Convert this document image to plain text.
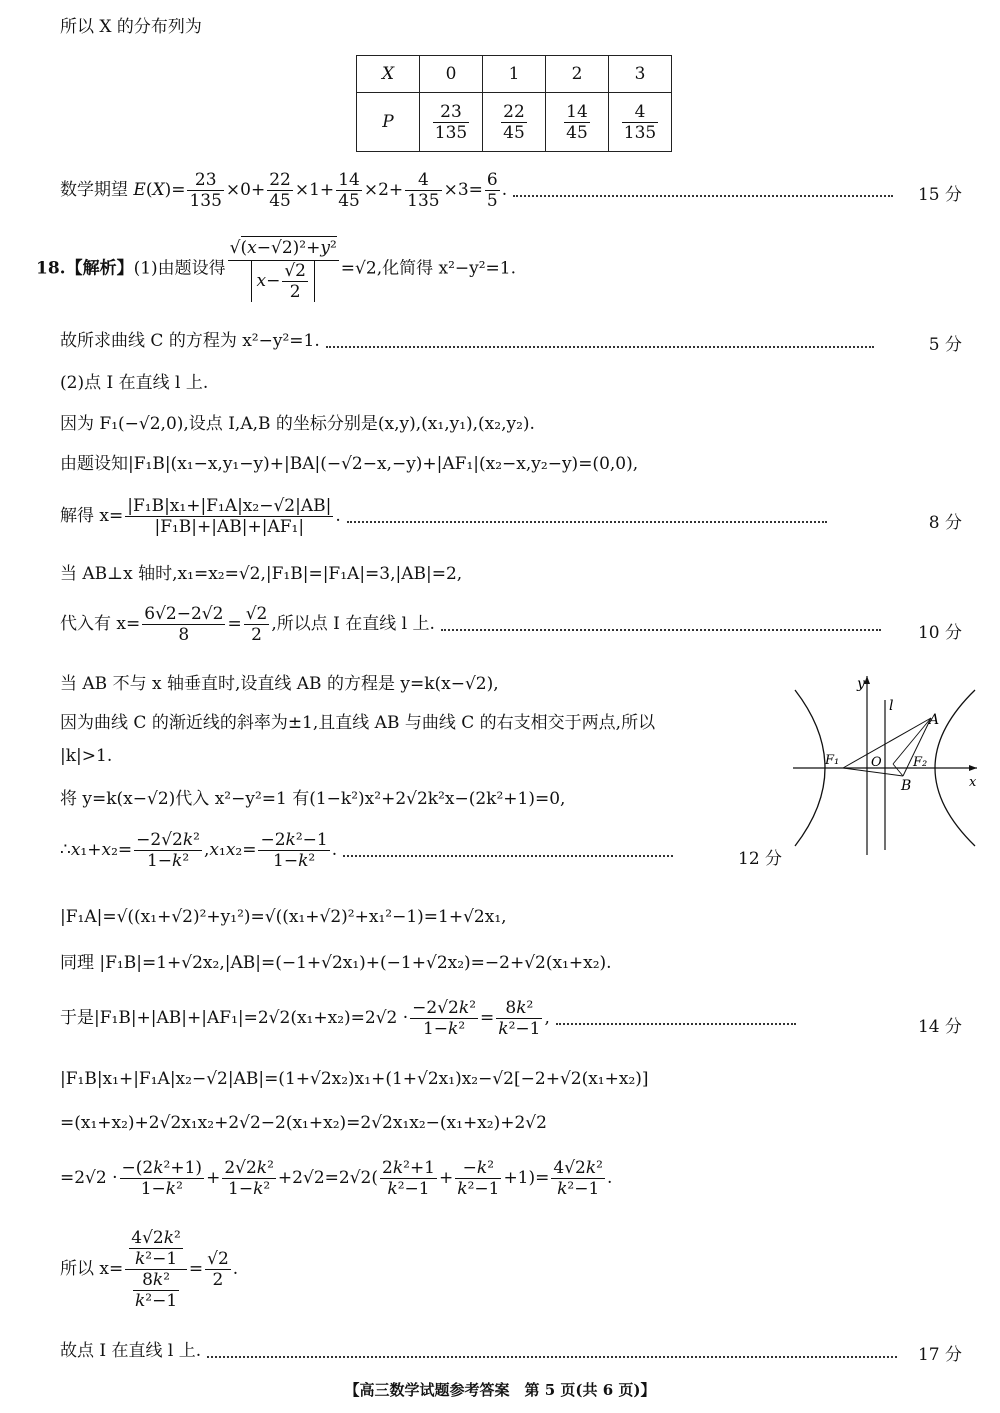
所以 X 的分布列为
X	0	1	2	3
P	$\frac{23}{135}$	$\frac{22}{45}$	$\frac{14}{45}$	$\frac{4}{135}$
数学期望 $E(X)= \frac{23}{135} \times 0+ \frac{22}{45} \times 1+ \frac{14}{45} \times 2+ \frac{4}{135} \times 3= \frac{6}{5}$ .	15 分
18.【解析】(1)由题设得 $\frac{\text{√(x−√2)²+y²}}{x- \frac{√2}{2}} =√2$,化简得 x²−y²=1.
故所求曲线 C 的方程为 x²−y²=1.	5 分
(2)点 I 在直线 l 上.
因为 F₁(−√2,0),设点 I,A,B 的坐标分别是(x,y),(x₁,y₁),(x₂,y₂).
由题设知|F₁B|(x₁−x,y₁−y)+|BA|(−√2−x,−y)+|AF₁|(x₂−x,y₂−y)=(0,0),
解得 $x= \frac{\text{|F₁B|x₁+|F₁A|x₂−√2|AB|}}{\text{|F₁B|+|AB|+|AF₁|}}$ .	8 分
当 AB⊥x 轴时,x₁=x₂=√2,|F₁B|=|F₁A|=3,|AB|=2,
代入有 $x= \frac{6√2-2√2}{8} = \frac{√2}{2}$ ,所以点 I 在直线 l 上.	10 分
当 AB 不与 x 轴垂直时,设直线 AB 的方程是 y=k(x−√2),
因为曲线 C 的渐近线的斜率为±1,且直线 AB 与曲线 C 的右支相交于两点,所以
|k|>1.
将 y=k(x−√2)代入 x²−y²=1 有(1−k²)x²+2√2k²x−(2k²+1)=0,
∴x₁+x₂= $\frac{\text{−2√2k²}}{\text{1−k²}} ,x_1x_2= \frac{\text{−2k²−1}}{\text{1−k²}}$ .	12 分
|F₁A|=√((x₁+√2)²+y₁²)=√((x₁+√2)²+x₁²−1)=1+√2x₁,
同理 |F₁B|=1+√2x₂,|AB|=(−1+√2x₁)+(−1+√2x₂)=−2+√2(x₁+x₂).
于是$|F_1B|+|AB|+|AF_1|=2√2(x_1+x_2)=2√2 \cdot \frac{\text{−2√2k²}}{\text{1−k²}} = \frac{\text{8k²}}{\text{k²−1}}$ ,	14 分
|F₁B|x₁+|F₁A|x₂−√2|AB|=(1+√2x₂)x₁+(1+√2x₁)x₂−√2[−2+√2(x₁+x₂)]
=(x₁+x₂)+2√2x₁x₂+2√2−2(x₁+x₂)=2√2x₁x₂−(x₁+x₂)+2√2
$=2√2 \cdot \frac{\text{−(2k²+1)}}{\text{1−k²}} + \frac{\text{2√2k²}}{\text{1−k²}} +2√2=2√2( \frac{\text{2k²+1}}{\text{k²−1}} + \frac{\text{−k²}}{\text{k²−1}} +1)= \frac{\text{4√2k²}}{\text{k²−1}}$ .
所以 $x= \frac{\frac{\text{4√2k²}}{\text{k²−1}}}{\frac{\text{8k²}}{\text{k²−1}}} = \frac{√2}{2}$ .
故点 I 在直线 l 上.	17 分
y
l
A
F₁ O F₂
B	x
【高三数学试题参考答案　第 5 页(共 6 页)】
